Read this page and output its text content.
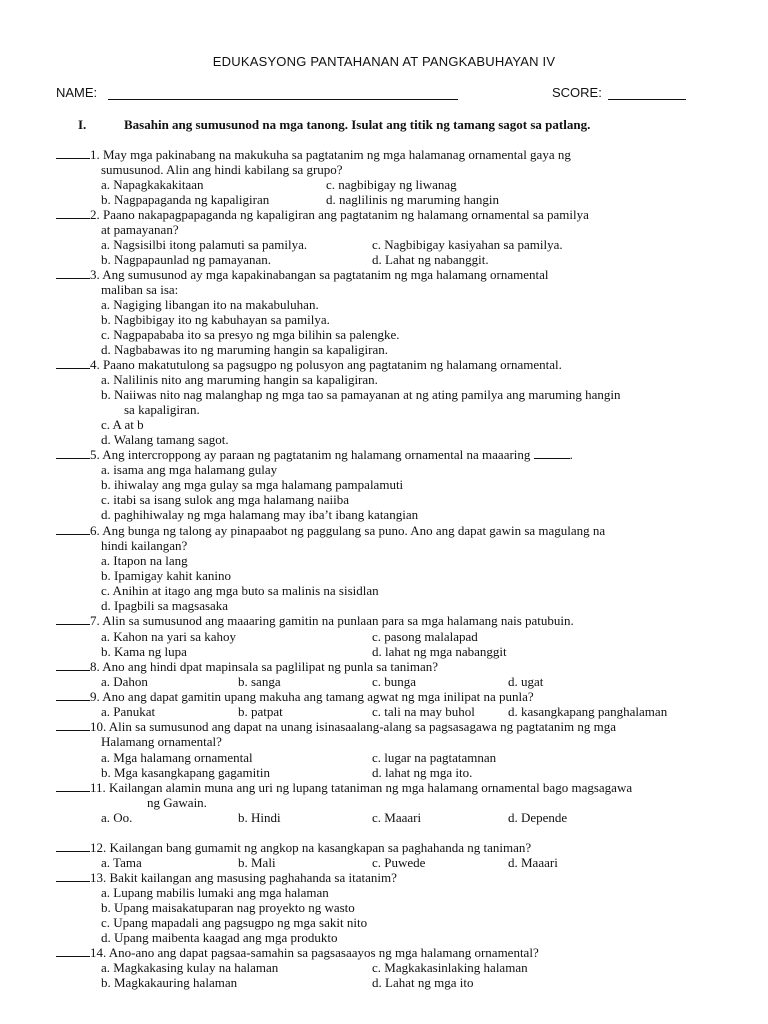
EDUKASYONG PANTAHANAN AT PANGKABUHAYAN IV
NAME:	SCORE:
I.	Basahin ang sumusunod na mga tanong. Isulat ang titik ng tamang sagot sa patlang.
1. May mga pakinabang na makukuha sa pagtatanim ng mga halamanag ornamental gaya ng
sumusunod. Alin ang hindi kabilang sa grupo?
a. Napagkakakitaan	c. nagbibigay ng liwanag
b. Nagpapaganda ng kapaligiran	d. naglilinis ng maruming hangin
2. Paano nakapagpapaganda ng kapaligiran ang pagtatanim ng halamang ornamental sa pamilya
at pamayanan?
a. Nagsisilbi itong palamuti sa pamilya.	c. Nagbibigay kasiyahan sa pamilya.
b. Nagpapaunlad ng pamayanan.	d. Lahat ng nabanggit.
3. Ang sumusunod ay mga kapakinabangan sa pagtatanim ng mga halamang ornamental
maliban sa isa:
a. Nagiging libangan ito na makabuluhan.
b. Nagbibigay ito ng kabuhayan sa pamilya.
c. Nagpapababa ito sa presyo ng mga bilihin sa palengke.
d. Nagbabawas ito ng maruming hangin sa kapaligiran.
4. Paano makatutulong sa pagsugpo ng polusyon ang pagtatanim ng halamang ornamental.
a. Nalilinis nito ang maruming hangin sa kapaligiran.
b. Naiiwas nito nag malanghap ng mga tao sa pamayanan at ng ating pamilya ang maruming hangin
sa kapaligiran.
c. A at b
d. Walang tamang sagot.
5. Ang intercroppong ay paraan ng pagtatanim ng halamang ornamental na maaaring	.
a. isama ang mga halamang gulay
b. ihiwalay ang mga gulay sa mga halamang pampalamuti
c. itabi sa isang sulok ang mga halamang naiiba
d. paghihiwalay ng mga halamang may iba’t ibang katangian
6. Ang bunga ng talong ay pinapaabot ng paggulang sa puno. Ano ang dapat gawin sa magulang na
hindi kailangan?
a. Itapon na lang
b. Ipamigay kahit kanino
c. Anihin at itago ang mga buto sa malinis na sisidlan
d. Ipagbili sa magsasaka
7. Alin sa sumusunod ang maaaring gamitin na punlaan para sa mga halamang nais patubuin.
a. Kahon na yari sa kahoy	c. pasong malalapad
b. Kama ng lupa	d. lahat ng mga nabanggit
8. Ano ang hindi dpat mapinsala sa paglilipat ng punla sa taniman?
a. Dahon	b. sanga	c. bunga	d. ugat
9. Ano ang dapat gamitin upang makuha ang tamang agwat ng mga inilipat na punla?
a. Panukat	b. patpat	c. tali na may buhol	d. kasangkapang panghalaman
10. Alin sa sumusunod ang dapat na unang isinasaalang-alang sa pagsasagawa ng pagtatanim ng mga
Halamang ornamental?
a. Mga halamang ornamental	c. lugar na pagtatamnan
b. Mga kasangkapang gagamitin	d. lahat ng mga ito.
11. Kailangan alamin muna ang uri ng lupang tataniman ng mga halamang ornamental bago magsagawa
ng Gawain.
a. Oo.	b. Hindi	c. Maaari	d. Depende
12. Kailangan bang gumamit ng angkop na kasangkapan sa paghahanda ng taniman?
a. Tama	b. Mali	c. Puwede	d. Maaari
13. Bakit kailangan ang masusing paghahanda sa itatanim?
a. Lupang mabilis lumaki ang mga halaman
b. Upang maisakatuparan nag proyekto ng wasto
c. Upang mapadali ang pagsugpo ng mga sakit nito
d. Upang maibenta kaagad ang mga produkto
14. Ano-ano ang dapat pagsaa-samahin sa pagsasaayos ng mga halamang ornamental?
a. Magkakasing kulay na halaman	c. Magkakasinlaking halaman
b. Magkakauring halaman	d. Lahat ng mga ito
